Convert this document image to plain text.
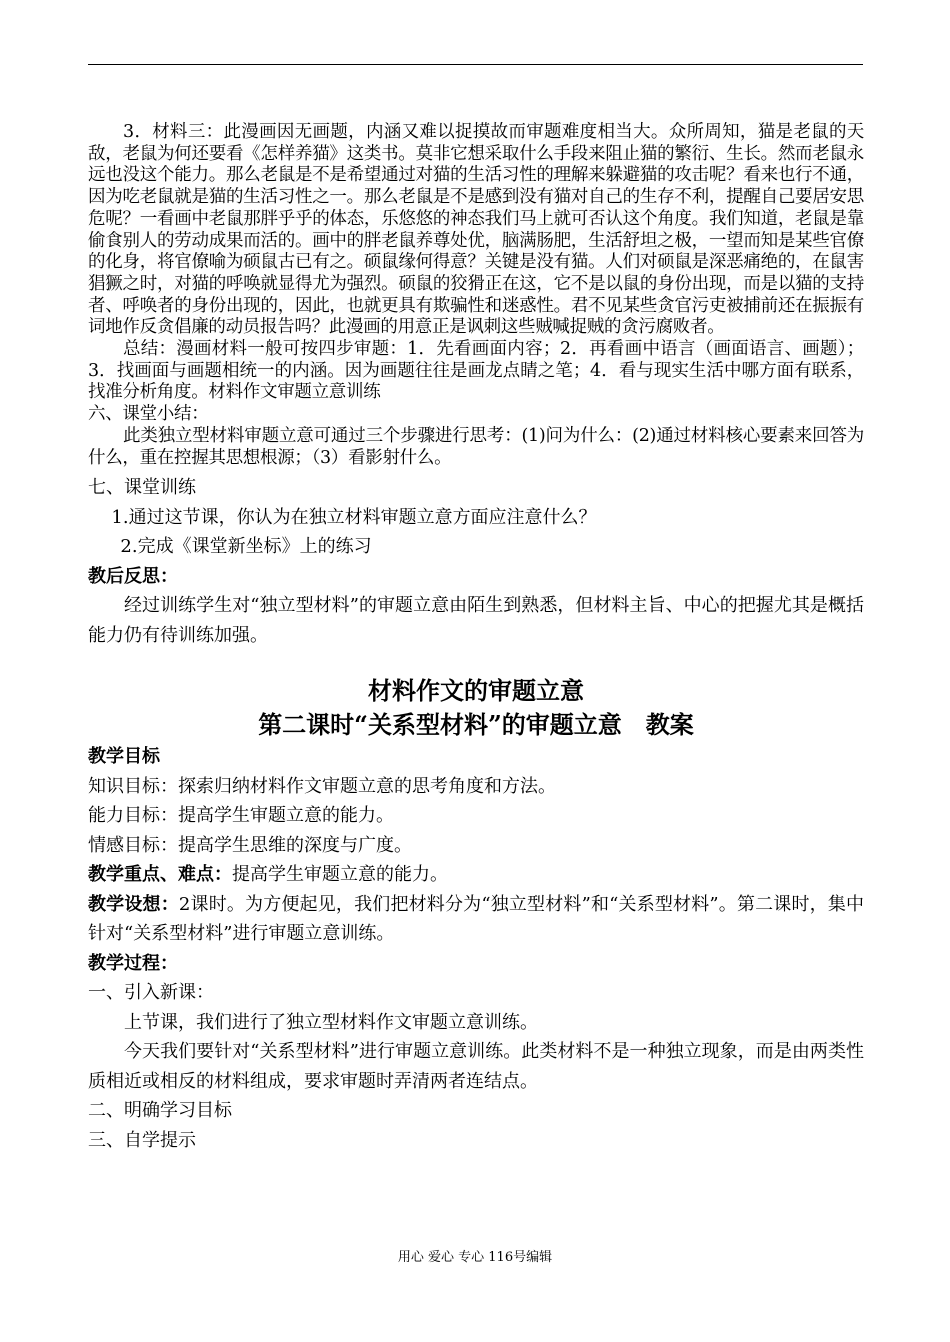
3．材料三：此漫画因无画题，内涵又难以捉摸故而审题难度相当大。众所周知，猫是老鼠的天敌，老鼠为何还要看《怎样养猫》这类书。莫非它想采取什么手段来阻止猫的繁衍、生长。然而老鼠永远也没这个能力。那么老鼠是不是希望通过对猫的生活习性的理解来躲避猫的攻击呢？看来也行不通，因为吃老鼠就是猫的生活习性之一。那么老鼠是不是感到没有猫对自己的生存不利，提醒自己要居安思危呢？一看画中老鼠那胖乎乎的体态，乐悠悠的神态我们马上就可否认这个角度。我们知道，老鼠是靠偷食别人的劳动成果而活的。画中的胖老鼠养尊处优，脑满肠肥，生活舒坦之极，一望而知是某些官僚的化身，将官僚喻为硕鼠古已有之。硕鼠缘何得意？关键是没有猫。人们对硕鼠是深恶痛绝的，在鼠害猖獗之时，对猫的呼唤就显得尤为强烈。硕鼠的狡猾正在这，它不是以鼠的身份出现，而是以猫的支持者、呼唤者的身份出现的，因此，也就更具有欺骗性和迷惑性。君不见某些贪官污吏被捕前还在振振有词地作反贪倡廉的动员报告吗？此漫画的用意正是讽刺这些贼喊捉贼的贪污腐败者。

总结：漫画材料一般可按四步审题：1．先看画面内容；2．再看画中语言（画面语言、画题）；3．找画面与画题相统一的内涵。因为画题往往是画龙点睛之笔；4．看与现实生活中哪方面有联系，找准分析角度。材料作文审题立意训练

六、课堂小结：

此类独立型材料审题立意可通过三个步骤进行思考：(1)问为什么：(2)通过材料核心要素来回答为什么，重在控握其思想根源；（3）看影射什么。

七、课堂训练

1.通过这节课，你认为在独立材料审题立意方面应注意什么？

2.完成《课堂新坐标》上的练习

教后反思：

经过训练学生对“独立型材料”的审题立意由陌生到熟悉，但材料主旨、中心的把握尤其是概括能力仍有待训练加强。

材料作文的审题立意

第二课时“关系型材料”的审题立意　教案

教学目标

知识目标：探索归纳材料作文审题立意的思考角度和方法。

能力目标：提高学生审题立意的能力。

情感目标：提高学生思维的深度与广度。

教学重点、难点：提高学生审题立意的能力。

教学设想：2课时。为方便起见，我们把材料分为“独立型材料”和“关系型材料”。第二课时，集中针对“关系型材料”进行审题立意训练。

教学过程：

一、引入新课：

上节课，我们进行了独立型材料作文审题立意训练。

今天我们要针对“关系型材料”进行审题立意训练。此类材料不是一种独立现象，而是由两类性质相近或相反的材料组成，要求审题时弄清两者连结点。

二、明确学习目标

三、自学提示

用心 爱心 专心 116号编辑
